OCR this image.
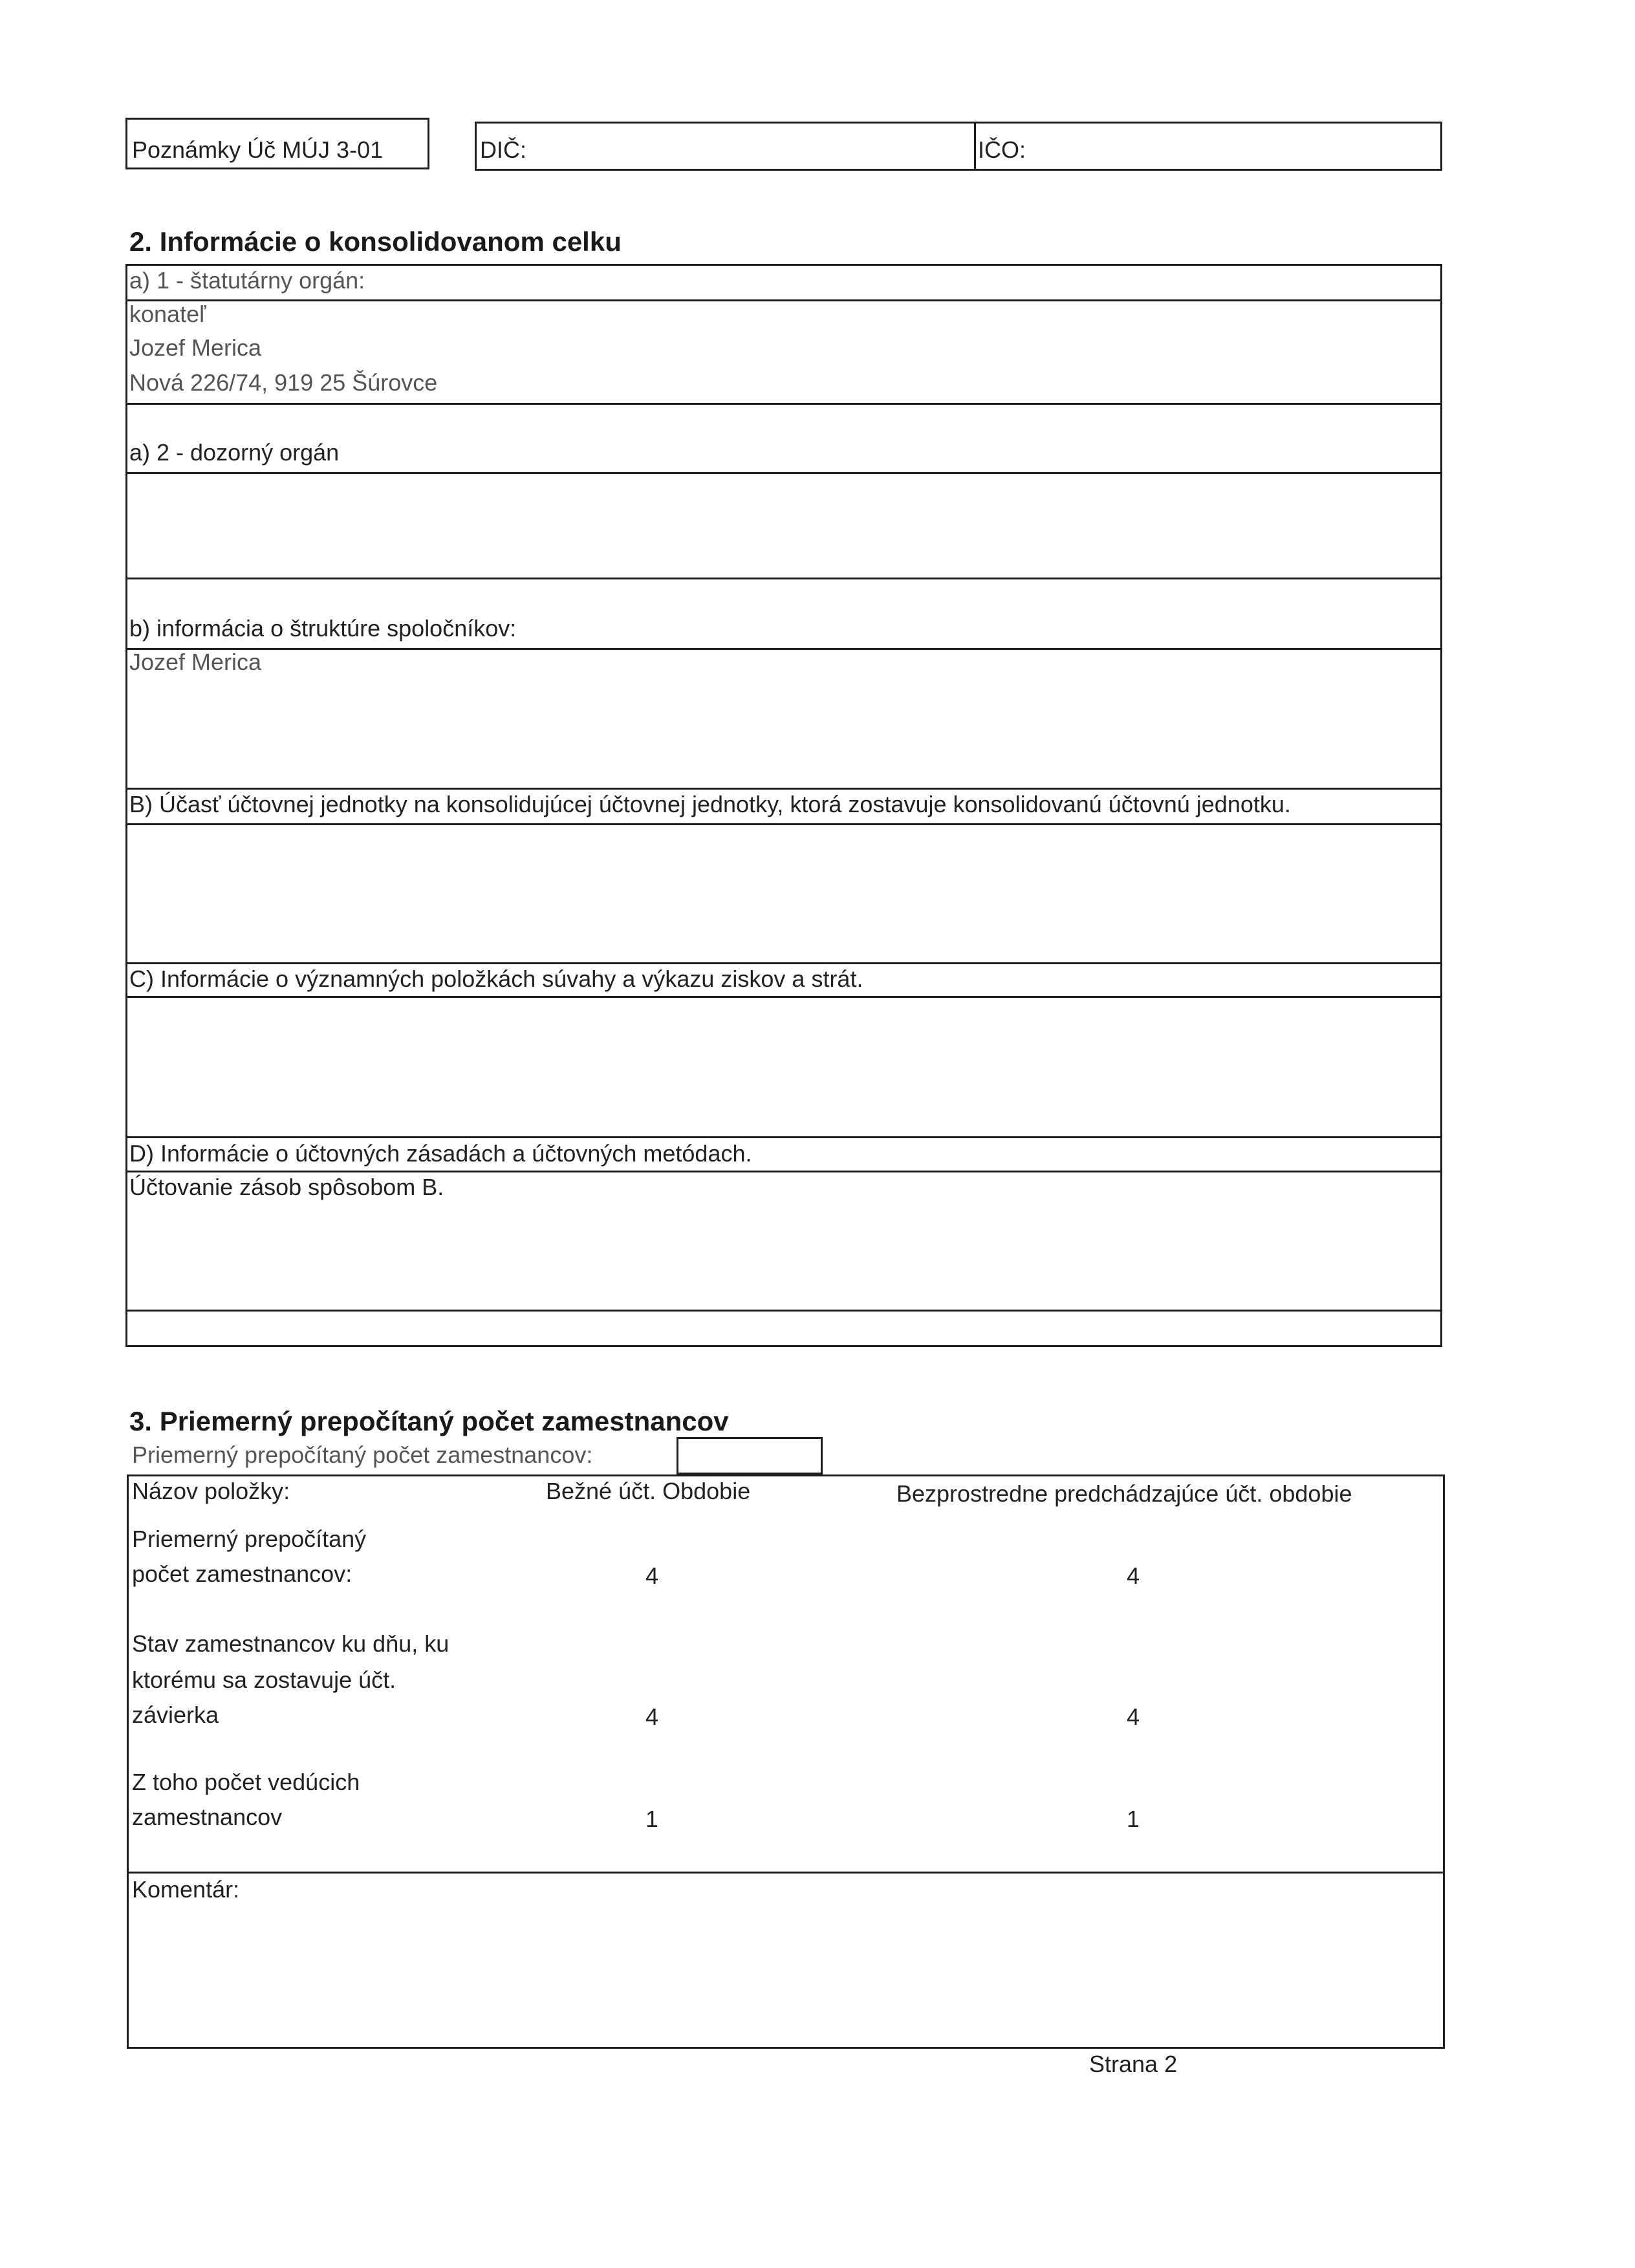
Poznámky Úč MÚJ 3-01	DIČ:	IČO:
2. Informácie o konsolidovanom celku
a) 1 - štatutárny orgán:
konateľ
Jozef Merica
Nová 226/74, 919 25 Šúrovce
a) 2 - dozorný orgán
b) informácia o štruktúre spoločníkov:
Jozef Merica
B) Účasť účtovnej jednotky na konsolidujúcej účtovnej jednotky, ktorá zostavuje konsolidovanú účtovnú jednotku.
C) Informácie o významných položkách súvahy a výkazu ziskov a strát.
D) Informácie o účtovných zásadách a účtovných metódach.
Účtovanie zásob spôsobom B.
3. Priemerný prepočítaný počet zamestnancov
Priemerný prepočítaný počet zamestnancov:
Názov položky:	Bežné účt. Obdobie	Bezprostredne predchádzajúce účt. obdobie
Priemerný prepočítaný
počet zamestnancov:	4	4
Stav zamestnancov ku dňu, ku
ktorému sa zostavuje účt.
závierka	4	4
Z toho počet vedúcich
zamestnancov	1	1
Komentár:
Strana 2
